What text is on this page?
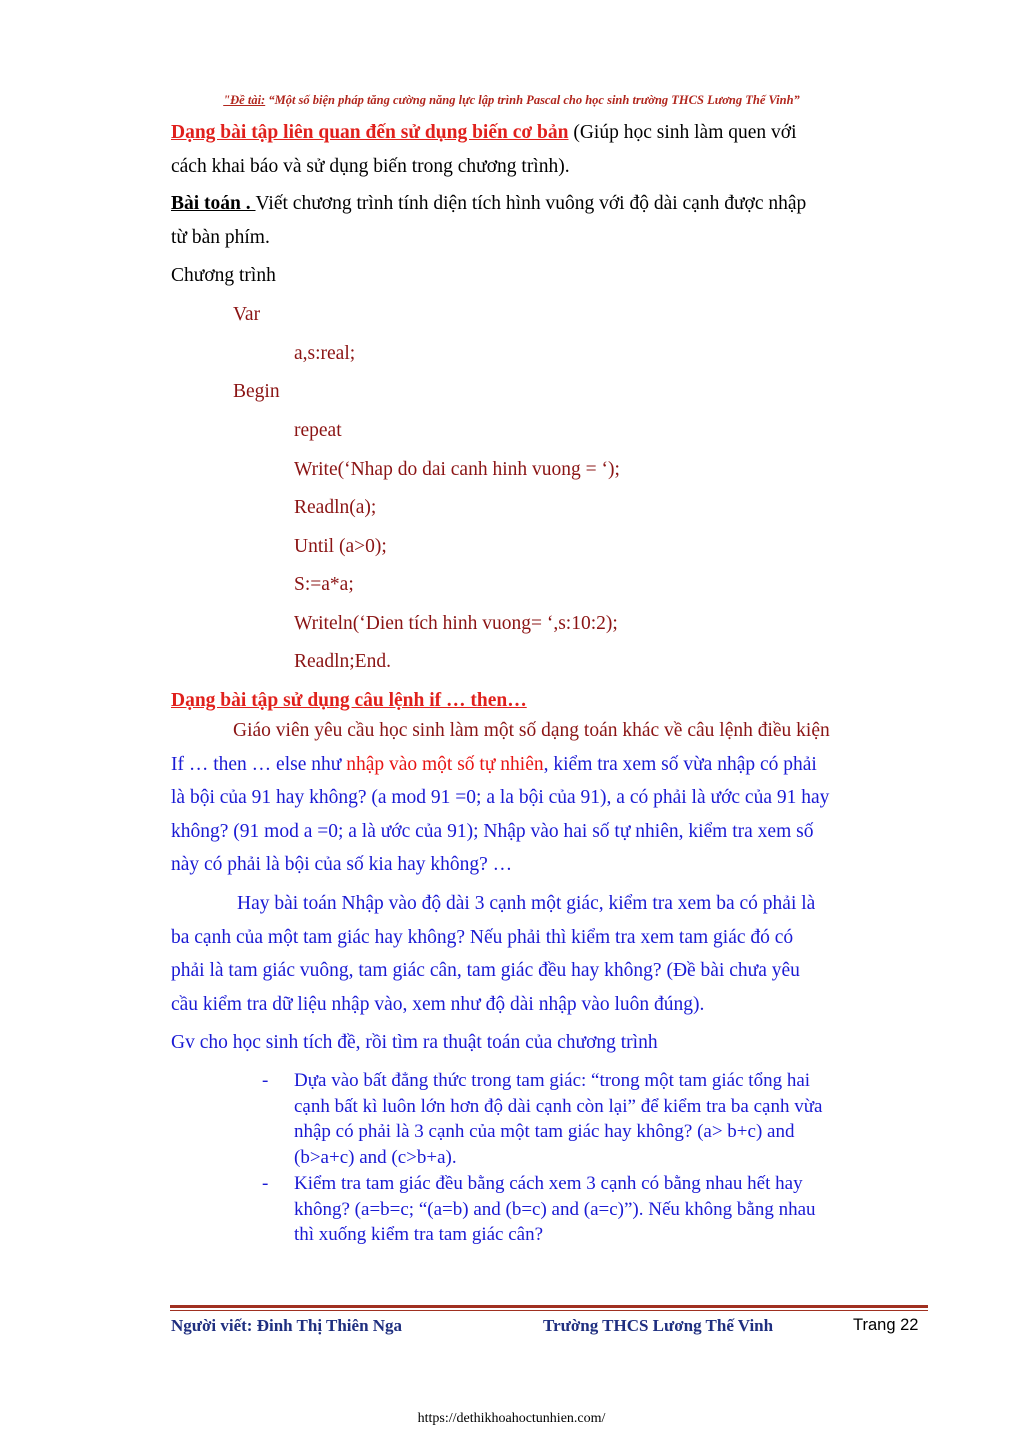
"Đề tài: “Một số biện pháp tăng cường năng lực lập trình Pascal cho học sinh trường THCS Lương Thế Vinh”
Dạng bài tập liên quan đến sử dụng biến cơ bản (Giúp học sinh làm quen với
cách khai báo và sử dụng biến trong chương trình).
Bài toán . Viết chương trình tính diện tích hình vuông với độ dài cạnh được nhập
từ bàn phím.
Chương trình
Var
a,s:real;
Begin
repeat
Write(‘Nhap do dai canh hinh vuong = ‘);
Readln(a);
Until (a>0);
S:=a*a;
Writeln(‘Dien tích hinh vuong= ‘,s:10:2);
Readln;End.
Dạng bài tập sử dụng câu lệnh if … then…
Giáo viên yêu cầu học sinh làm một số dạng toán khác về câu lệnh điều kiện
If … then … else như nhập vào một số tự nhiên, kiểm tra xem số vừa nhập có phải
là bội của 91 hay không? (a mod 91 =0; a la bội của 91), a có phải là ước của 91 hay
không? (91 mod a =0; a là ước của 91); Nhập vào hai số tự nhiên, kiểm tra xem số
này có phải là bội của số kia hay không? …
Hay bài toán Nhập vào độ dài 3 cạnh một giác, kiểm tra xem ba có phải là
ba cạnh của một tam giác hay không? Nếu phải thì kiểm tra xem tam giác đó có
phải là tam giác vuông, tam giác cân, tam giác đều hay không? (Đề bài chưa yêu
cầu kiểm tra dữ liệu nhập vào, xem như độ dài nhập vào luôn đúng).
Gv cho học sinh tích đề, rồi tìm ra thuật toán của chương trình
- Dựa vào bất đẳng thức trong tam giác: “trong một tam giác tổng hai
cạnh bất kì luôn lớn hơn độ dài cạnh còn lại” để kiểm tra ba cạnh vừa
nhập có phải là 3 cạnh của một tam giác hay không? (a> b+c) and
(b>a+c) and (c>b+a).
- Kiểm tra tam giác đều bằng cách xem 3 cạnh có bằng nhau hết hay
không? (a=b=c; “(a=b) and (b=c) and (a=c)”). Nếu không bằng nhau
thì xuống kiểm tra tam giác cân?
Người viết: Đinh Thị Thiên Nga	Trường THCS Lương Thế Vinh	Trang 22
https://dethikhoahoctunhien.com/
